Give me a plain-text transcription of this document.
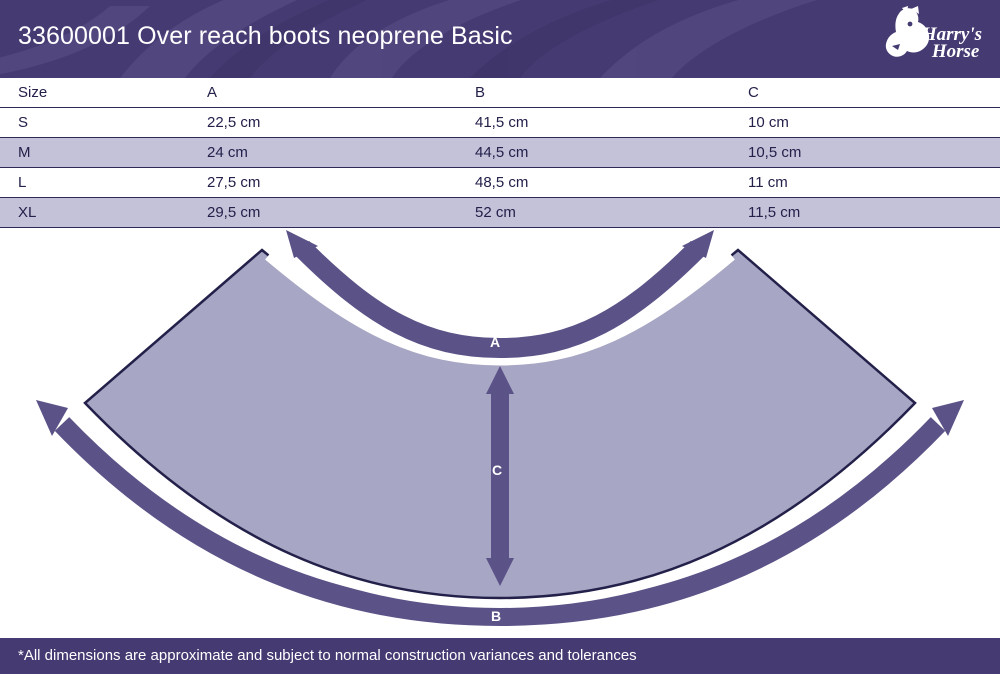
33600001 Over reach boots neoprene Basic	Harry's
Horse
Size	A	B	C
S	22,5 cm	41,5 cm	10 cm
M	24 cm	44,5 cm	10,5 cm
L	27,5 cm	48,5 cm	11 cm
XL	29,5 cm	52 cm	11,5 cm
A
B
C
*All dimensions are approximate and subject to normal construction variances and tolerances
